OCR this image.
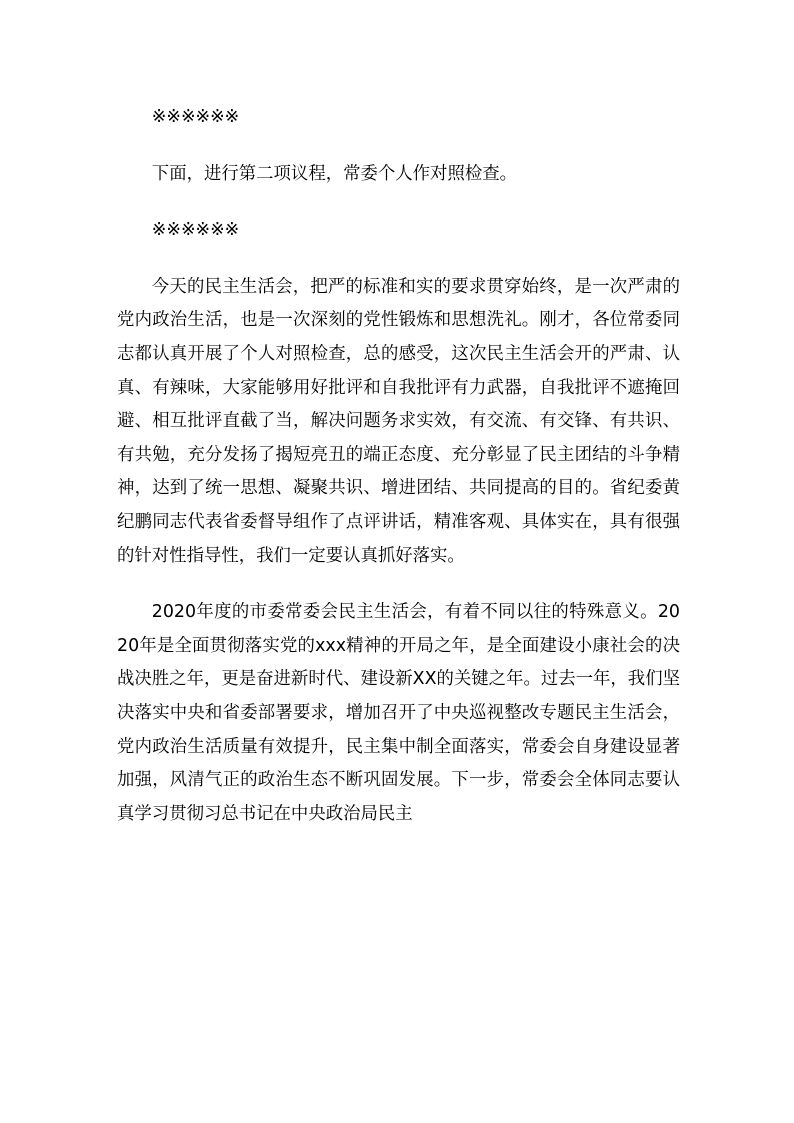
※※※※※※

下面，进行第二项议程，常委个人作对照检查。

※※※※※※

今天的民主生活会，把严的标准和实的要求贯穿始终，是一次严肃的党内政治生活，也是一次深刻的党性锻炼和思想洗礼。刚才，各位常委同志都认真开展了个人对照检查，总的感受，这次民主生活会开的严肃、认真、有辣味，大家能够用好批评和自我批评有力武器，自我批评不遮掩回避、相互批评直截了当，解决问题务求实效，有交流、有交锋、有共识、有共勉，充分发扬了揭短亮丑的端正态度、充分彰显了民主团结的斗争精神，达到了统一思想、凝聚共识、增进团结、共同提高的目的。省纪委黄纪鹏同志代表省委督导组作了点评讲话，精准客观、具体实在，具有很强的针对性指导性，我们一定要认真抓好落实。

2020年度的市委常委会民主生活会，有着不同以往的特殊意义。2020年是全面贯彻落实党的xxx精神的开局之年，是全面建设小康社会的决战决胜之年，更是奋进新时代、建设新XX的关键之年。过去一年，我们坚决落实中央和省委部署要求，增加召开了中央巡视整改专题民主生活会，党内政治生活质量有效提升，民主集中制全面落实，常委会自身建设显著加强，风清气正的政治生态不断巩固发展。下一步，常委会全体同志要认真学习贯彻习总书记在中央政治局民主
